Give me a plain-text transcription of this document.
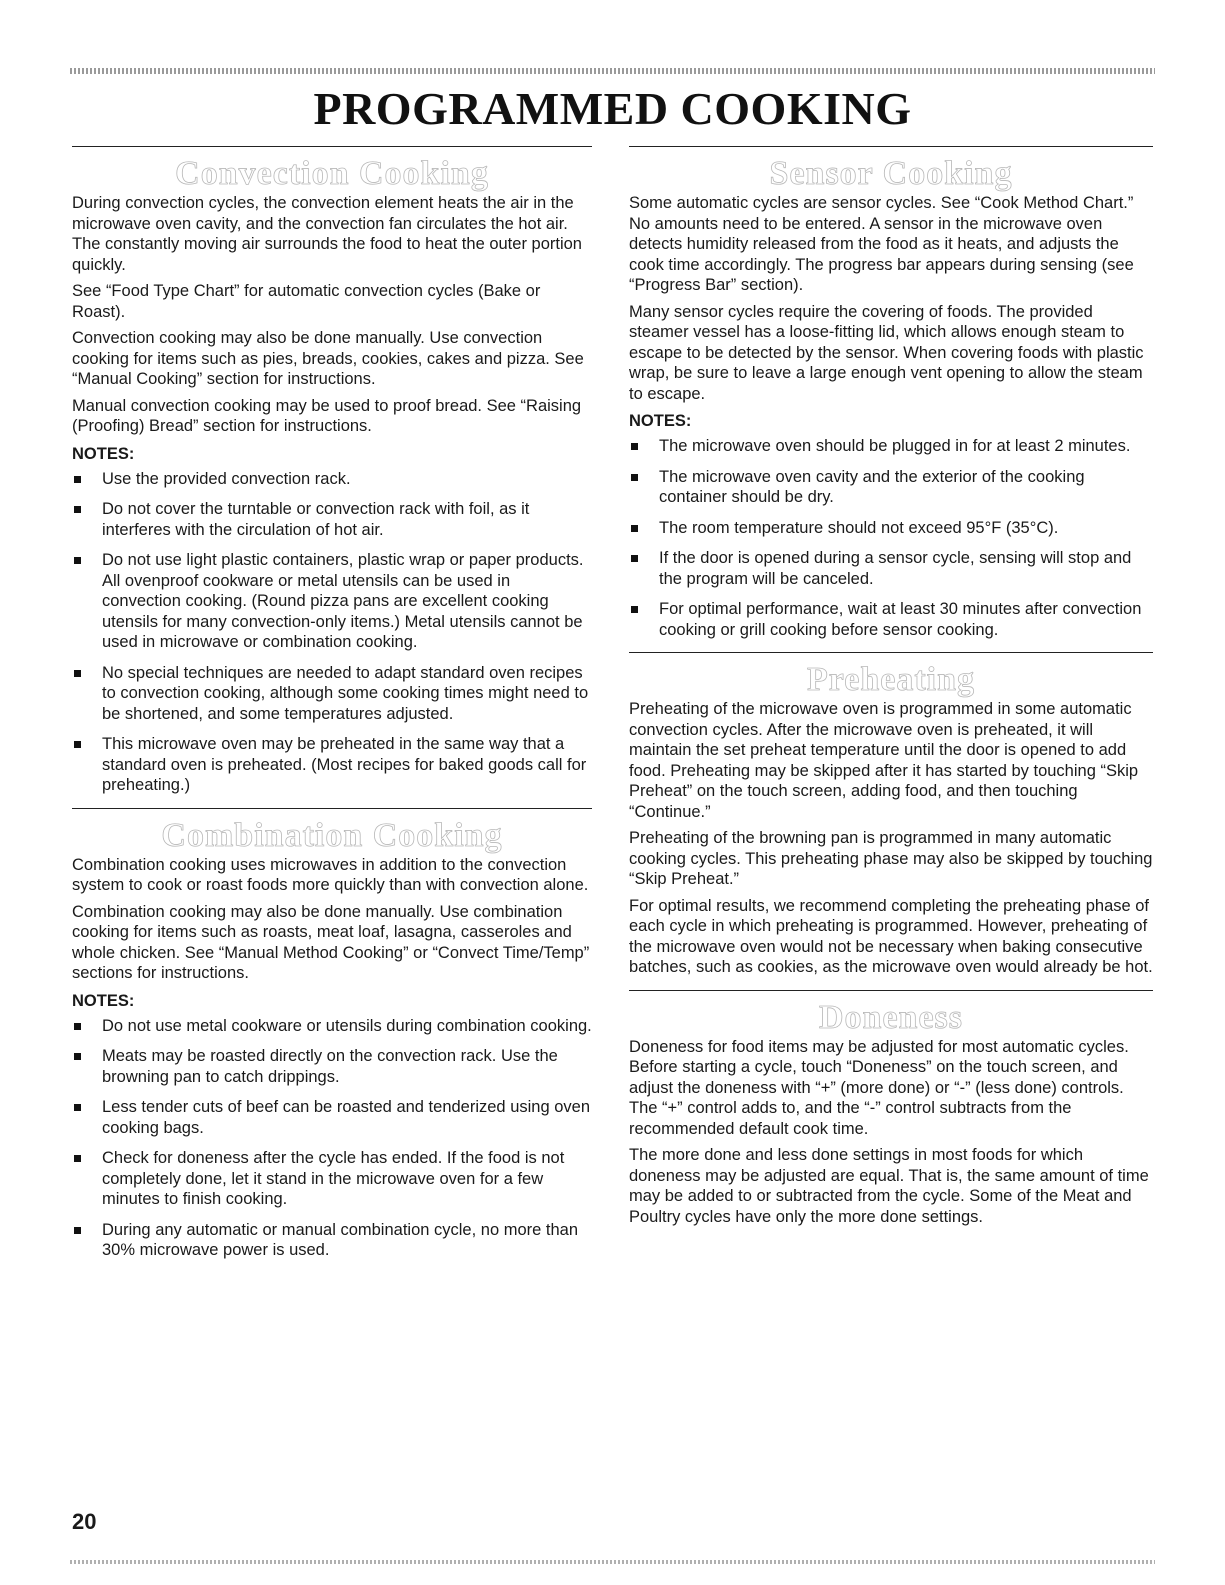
PROGRAMMED COOKING
Convection Cooking

During convection cycles, the convection element heats the air in the microwave oven cavity, and the convection fan circulates the hot air. The constantly moving air surrounds the food to heat the outer portion quickly.

See “Food Type Chart” for automatic convection cycles (Bake or Roast).

Convection cooking may also be done manually. Use convection cooking for items such as pies, breads, cookies, cakes and pizza. See “Manual Cooking” section for instructions.

Manual convection cooking may be used to proof bread. See “Raising (Proofing) Bread” section for instructions.

NOTES:
Use the provided convection rack.
Do not cover the turntable or convection rack with foil, as it interferes with the circulation of hot air.
Do not use light plastic containers, plastic wrap or paper products. All ovenproof cookware or metal utensils can be used in convection cooking. (Round pizza pans are excellent cooking utensils for many convection-only items.) Metal utensils cannot be used in microwave or combination cooking.
No special techniques are needed to adapt standard oven recipes to convection cooking, although some cooking times might need to be shortened, and some temperatures adjusted.
This microwave oven may be preheated in the same way that a standard oven is preheated. (Most recipes for baked goods call for preheating.)
Combination Cooking

Combination cooking uses microwaves in addition to the convection system to cook or roast foods more quickly than with convection alone.

Combination cooking may also be done manually. Use combination cooking for items such as roasts, meat loaf, lasagna, casseroles and whole chicken. See “Manual Method Cooking” or “Convect Time/Temp” sections for instructions.

NOTES:
Do not use metal cookware or utensils during combination cooking.
Meats may be roasted directly on the convection rack. Use the browning pan to catch drippings.
Less tender cuts of beef can be roasted and tenderized using oven cooking bags.
Check for doneness after the cycle has ended. If the food is not completely done, let it stand in the microwave oven for a few minutes to finish cooking.
During any automatic or manual combination cycle, no more than 30% microwave power is used.
Sensor Cooking

Some automatic cycles are sensor cycles. See “Cook Method Chart.” No amounts need to be entered. A sensor in the microwave oven detects humidity released from the food as it heats, and adjusts the cook time accordingly. The progress bar appears during sensing (see “Progress Bar” section).

Many sensor cycles require the covering of foods. The provided steamer vessel has a loose-fitting lid, which allows enough steam to escape to be detected by the sensor. When covering foods with plastic wrap, be sure to leave a large enough vent opening to allow the steam to escape.

NOTES:
The microwave oven should be plugged in for at least 2 minutes.
The microwave oven cavity and the exterior of the cooking container should be dry.
The room temperature should not exceed 95°F (35°C).
If the door is opened during a sensor cycle, sensing will stop and the program will be canceled.
For optimal performance, wait at least 30 minutes after convection cooking or grill cooking before sensor cooking.
Preheating

Preheating of the microwave oven is programmed in some automatic convection cycles. After the microwave oven is preheated, it will maintain the set preheat temperature until the door is opened to add food. Preheating may be skipped after it has started by touching “Skip Preheat” on the touch screen, adding food, and then touching “Continue.”

Preheating of the browning pan is programmed in many automatic cooking cycles. This preheating phase may also be skipped by touching “Skip Preheat.”

For optimal results, we recommend completing the preheating phase of each cycle in which preheating is programmed. However, preheating of the microwave oven would not be necessary when baking consecutive batches, such as cookies, as the microwave oven would already be hot.

Doneness

Doneness for food items may be adjusted for most automatic cycles. Before starting a cycle, touch “Doneness” on the touch screen, and adjust the doneness with “+” (more done) or “-” (less done) controls. The “+” control adds to, and the “-” control subtracts from the recommended default cook time.

The more done and less done settings in most foods for which doneness may be adjusted are equal. That is, the same amount of time may be added to or subtracted from the cycle. Some of the Meat and Poultry cycles have only the more done settings.

20
